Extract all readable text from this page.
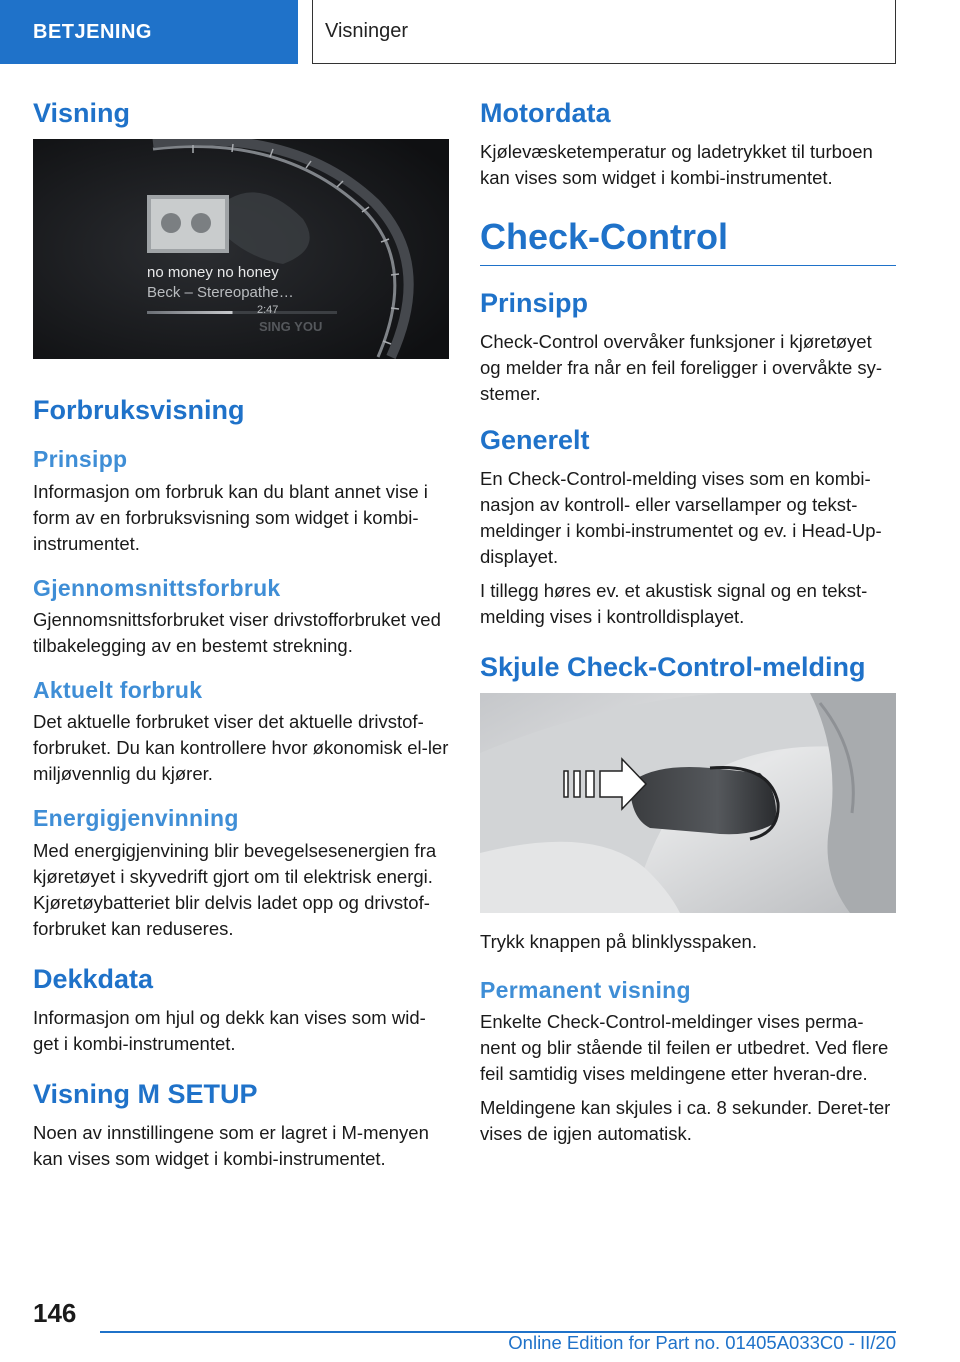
BETJENING	Visninger
Visning
no money no honey
Beck – Stereopathe…
2:47
SING YOU
Forbruksvisning
Prinsipp

Informasjon om forbruk kan du blant annet vise i form av en forbruksvisning som widget i kombi-instrumentet.

Gjennomsnittsforbruk

Gjennomsnittsforbruket viser drivstofforbruket ved tilbakelegging av en bestemt strekning.

Aktuelt forbruk

Det aktuelle forbruket viser det aktuelle drivstof-forbruket. Du kan kontrollere hvor økonomisk el-ler miljøvennlig du kjører.

Energigjenvinning

Med energigjenvining blir bevegelsesenergien fra kjøretøyet i skyvedrift gjort om til elektrisk energi. Kjøretøybatteriet blir delvis ladet opp og drivstof-forbruket kan reduseres.

Dekkdata

Informasjon om hjul og dekk kan vises som wid-get i kombi-instrumentet.

Visning M SETUP

Noen av innstillingene som er lagret i M-menyen kan vises som widget i kombi-instrumentet.

Motordata

Kjølevæsketemperatur og ladetrykket til turboen kan vises som widget i kombi-instrumentet.

Check-Control
Prinsipp

Check-Control overvåker funksjoner i kjøretøyet og melder fra når en feil foreligger i overvåkte sy-stemer.

Generelt

En Check-Control-melding vises som en kombi-nasjon av kontroll- eller varsellamper og tekst-meldinger i kombi-instrumentet og ev. i Head-Up-displayet.

I tillegg høres ev. et akustisk signal og en tekst-melding vises i kontrolldisplayet.

Skjule Check-Control-melding

Trykk knappen på blinklysspaken.

Permanent visning

Enkelte Check-Control-meldinger vises perma-nent og blir stående til feilen er utbedret. Ved flere feil samtidig vises meldingene etter hveran-dre.

Meldingene kan skjules i ca. 8 sekunder. Deret-ter vises de igjen automatisk.

146
Online Edition for Part no. 01405A033C0 - II/20
